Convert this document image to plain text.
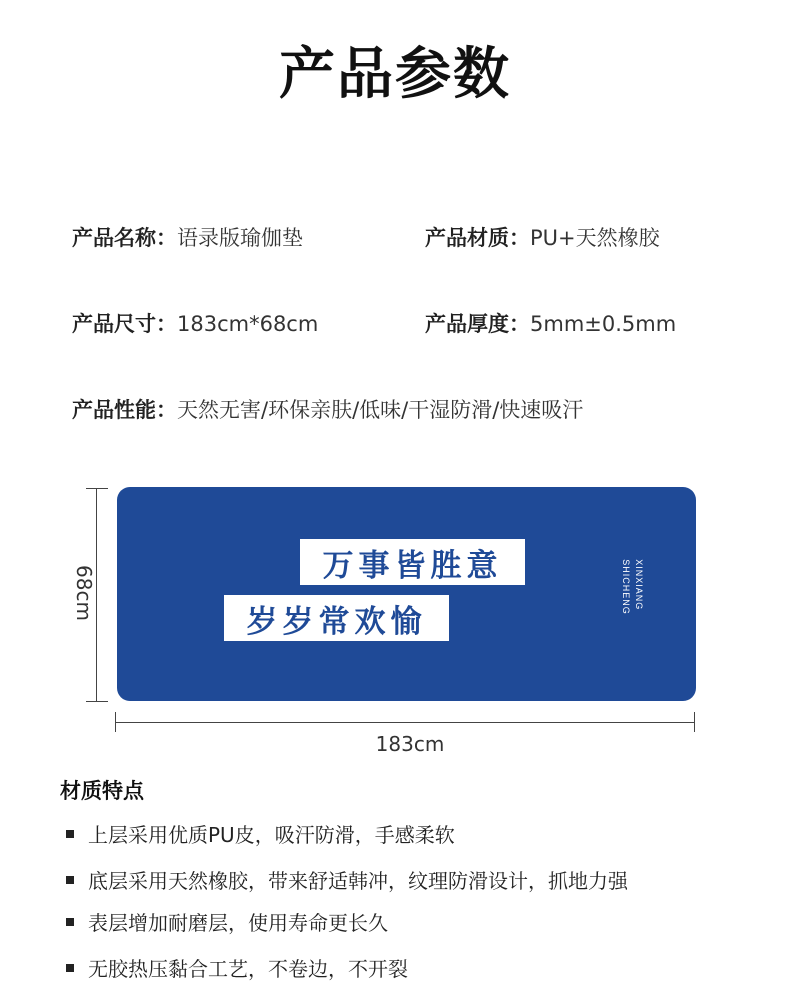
产品参数
产品名称：语录版瑜伽垫	产品材质：PU+天然橡胶
产品尺寸：183cm*68cm	产品厚度：5mm±0.5mm
产品性能：天然无害/环保亲肤/低味/干湿防滑/快速吸汗
68cm	万事皆胜意
岁岁常欢愉
XINXIANG
SHICHENG
183cm
材质特点
上层采用优质PU皮，吸汗防滑，手感柔软
底层采用天然橡胶，带来舒适韩冲，纹理防滑设计，抓地力强
表层增加耐磨层，使用寿命更长久
无胶热压黏合工艺，不卷边，不开裂
